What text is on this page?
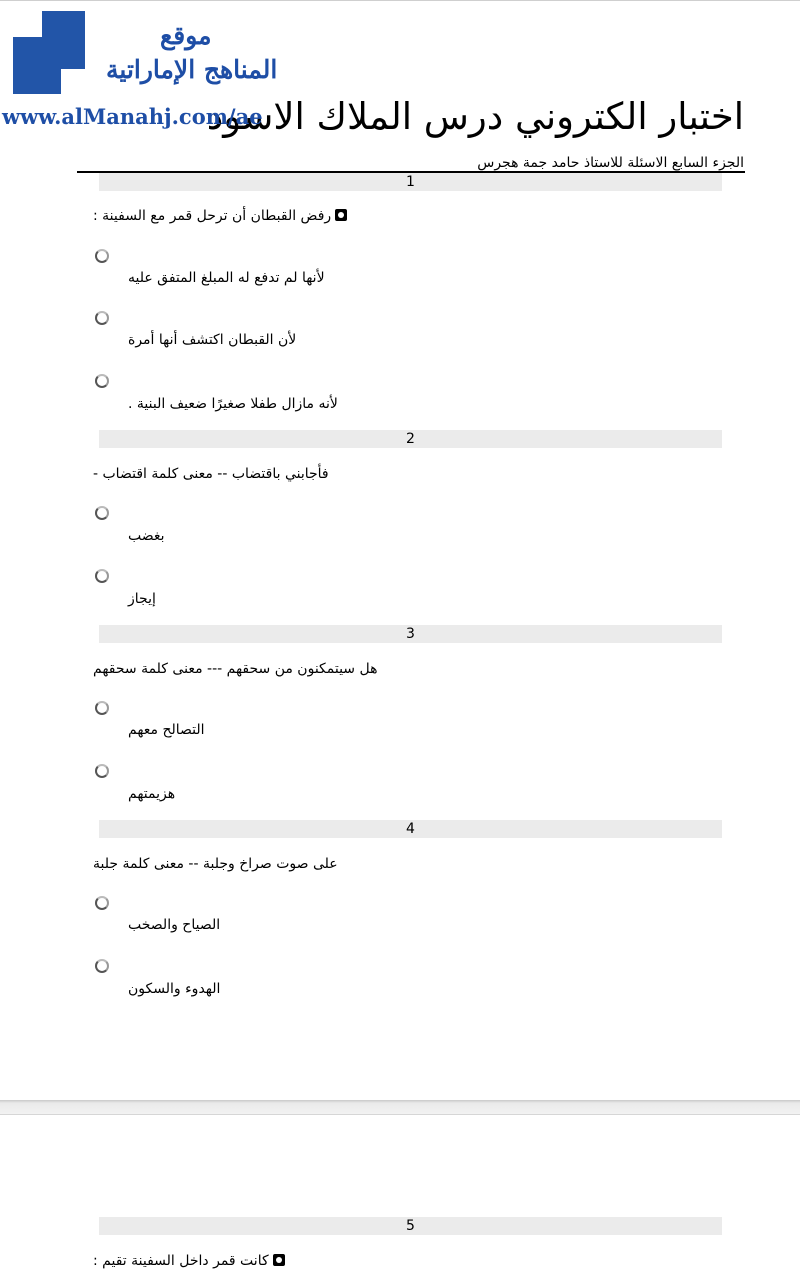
موقع
المناهج الإماراتية
اختبار الكتروني درس الملاك الاسود
www.alManahj.com/ae
الجزء السابع الاسئلة للاستاذ حامد جمة هجرس
1
رفض القبطان أن ترحل قمر مع السفينة :
لأنها لم تدفع له المبلغ المتفق عليه
لأن القبطان اكتشف أنها أمرة
لأنه مازال طفلا صغيرًا ضعيف البنية .
2
فأجابني باقتضاب -- معنى كلمة اقتضاب -
بغضب
إيجاز
3
هل سيتمكنون من سحقهم --- معنى كلمة سحقهم
التصالح معهم
هزيمتهم
4
على صوت صراخ وجلبة -- معنى كلمة جلبة
الصياح والصخب
الهدوء والسكون
5
كانت قمر داخل السفينة تقيم :
